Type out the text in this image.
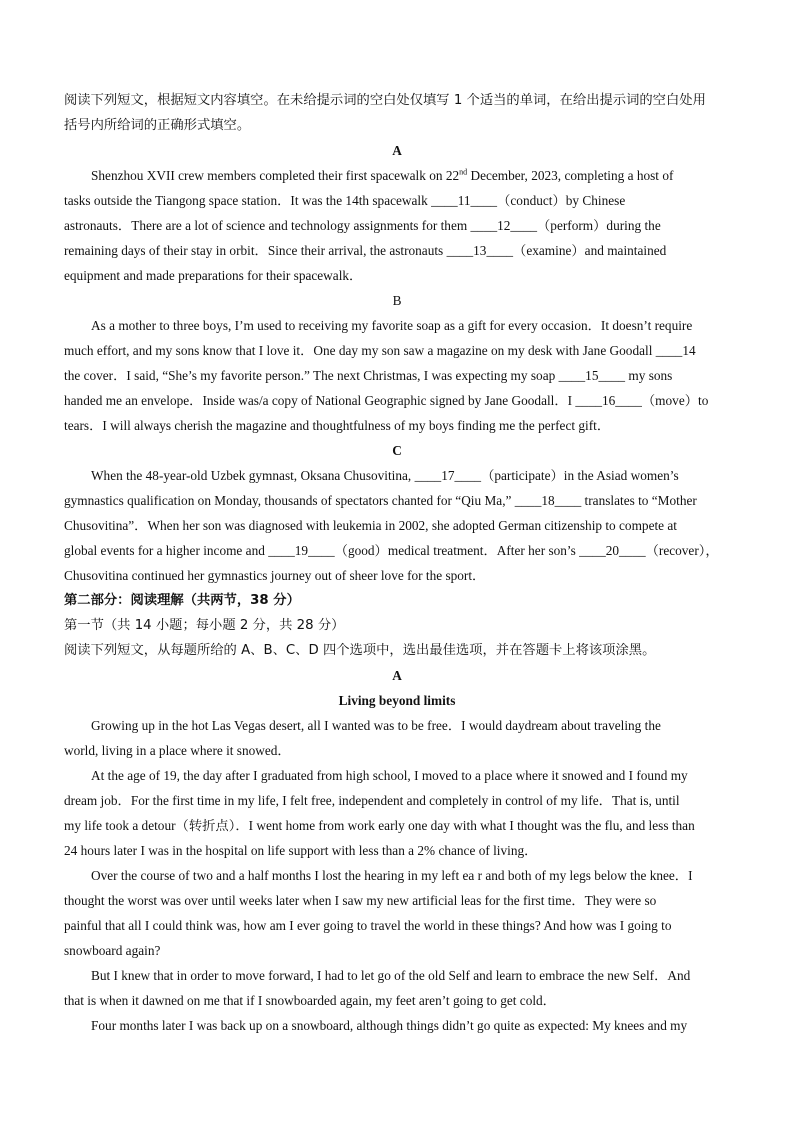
阅读下列短文，根据短文内容填空。在未给提示词的空白处仅填写 1 个适当的单词，在给出提示词的空白处用
括号内所给词的正确形式填空。
A
Shenzhou XVII crew members completed their first spacewalk on 22nd December, 2023, completing a host of
tasks outside the Tiangong space station．It was the 14th spacewalk ____11____（conduct）by Chinese
astronauts．There are a lot of science and technology assignments for them ____12____（perform）during the
remaining days of their stay in orbit．Since their arrival, the astronauts ____13____（examine）and maintained
equipment and made preparations for their spacewalk．
B
As a mother to three boys, I’m used to receiving my favorite soap as a gift for every occasion．It doesn’t require
much effort, and my sons know that I love it．One day my son saw a magazine on my desk with Jane Goodall ____14
the cover．I said, “She’s my favorite person.” The next Christmas, I was expecting my soap ____15____ my sons
handed me an envelope．Inside was/a copy of National Geographic signed by Jane Goodall．I ____16____（move）to
tears．I will always cherish the magazine and thoughtfulness of my boys finding me the perfect gift．
C
When the 48-year-old Uzbek gymnast, Oksana Chusovitina, ____17____（participate）in the Asiad women’s
gymnastics qualification on Monday, thousands of spectators chanted for “Qiu Ma,” ____18____ translates to “Mother
Chusovitina”．When her son was diagnosed with leukemia in 2002, she adopted German citizenship to compete at
global events for a higher income and ____19____（good）medical treatment．After her son’s ____20____（recover），
Chusovitina continued her gymnastics journey out of sheer love for the sport．
第二部分：阅读理解（共两节，38 分）
第一节（共 14 小题；每小题 2 分，共 28 分）
阅读下列短文，从每题所给的 A、B、C、D 四个选项中，选出最佳选项，并在答题卡上将该项涂黑。
A
Living beyond limits
Growing up in the hot Las Vegas desert, all I wanted was to be free．I would daydream about traveling the
world, living in a place where it snowed．
At the age of 19, the day after I graduated from high school, I moved to a place where it snowed and I found my
dream job．For the first time in my life, I felt free, independent and completely in control of my life．That is, until
my life took a detour（转折点）．I went home from work early one day with what I thought was the flu, and less than
24 hours later I was in the hospital on life support with less than a 2% chance of living．
Over the course of two and a half months I lost the hearing in my left ea r and both of my legs below the knee．I
thought the worst was over until weeks later when I saw my new artificial leas for the first time．They were so
painful that all I could think was, how am I ever going to travel the world in these things? And how was I going to
snowboard again?
But I knew that in order to move forward, I had to let go of the old Self and learn to embrace the new Self．And
that is when it dawned on me that if I snowboarded again, my feet aren’t going to get cold．
Four months later I was back up on a snowboard, although things didn’t go quite as expected: My knees and my
